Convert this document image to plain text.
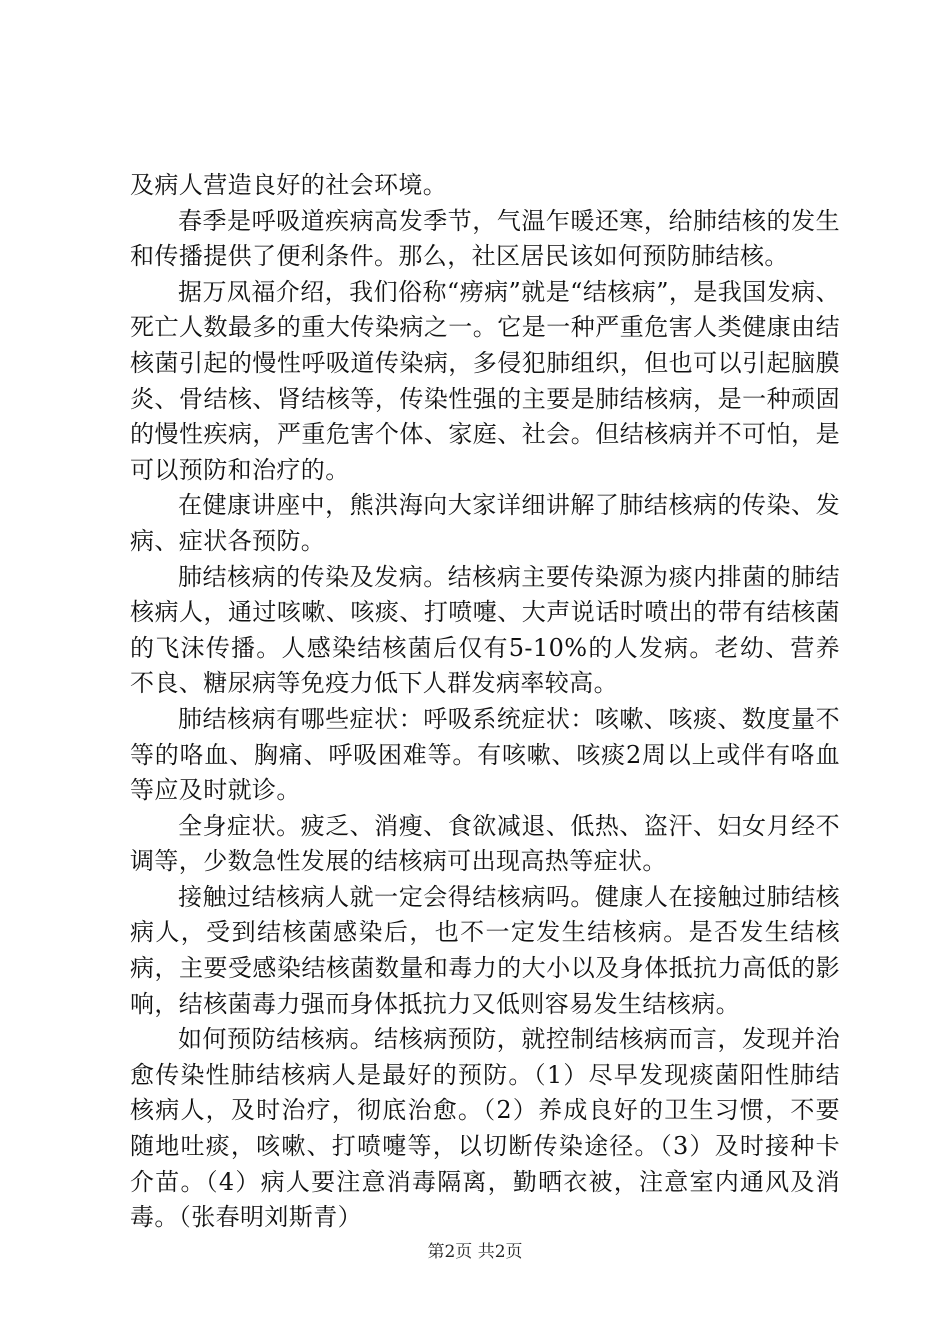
及病人营造良好的社会环境。

春季是呼吸道疾病高发季节，气温乍暖还寒，给肺结核的发生和传播提供了便利条件。那么，社区居民该如何预防肺结核。

据万凤福介绍，我们俗称“痨病”就是“结核病”，是我国发病、死亡人数最多的重大传染病之一。它是一种严重危害人类健康由结核菌引起的慢性呼吸道传染病，多侵犯肺组织，但也可以引起脑膜炎、骨结核、肾结核等，传染性强的主要是肺结核病，是一种顽固的慢性疾病，严重危害个体、家庭、社会。但结核病并不可怕，是可以预防和治疗的。

在健康讲座中，熊洪海向大家详细讲解了肺结核病的传染、发病、症状各预防。

肺结核病的传染及发病。结核病主要传染源为痰内排菌的肺结核病人，通过咳嗽、咳痰、打喷嚏、大声说话时喷出的带有结核菌的飞沫传播。人感染结核菌后仅有5-10%的人发病。老幼、营养不良、糖尿病等免疫力低下人群发病率较高。

肺结核病有哪些症状：呼吸系统症状：咳嗽、咳痰、数度量不等的咯血、胸痛、呼吸困难等。有咳嗽、咳痰2周以上或伴有咯血等应及时就诊。

全身症状。疲乏、消瘦、食欲减退、低热、盗汗、妇女月经不调等，少数急性发展的结核病可出现高热等症状。

接触过结核病人就一定会得结核病吗。健康人在接触过肺结核病人，受到结核菌感染后，也不一定发生结核病。是否发生结核病，主要受感染结核菌数量和毒力的大小以及身体抵抗力高低的影响，结核菌毒力强而身体抵抗力又低则容易发生结核病。

如何预防结核病。结核病预防，就控制结核病而言，发现并治愈传染性肺结核病人是最好的预防。（1）尽早发现痰菌阳性肺结核病人，及时治疗，彻底治愈。（2）养成良好的卫生习惯，不要随地吐痰，咳嗽、打喷嚏等，以切断传染途径。（3）及时接种卡介苗。（4）病人要注意消毒隔离，勤晒衣被，注意室内通风及消毒。（张春明刘斯青）

第2页 共2页
